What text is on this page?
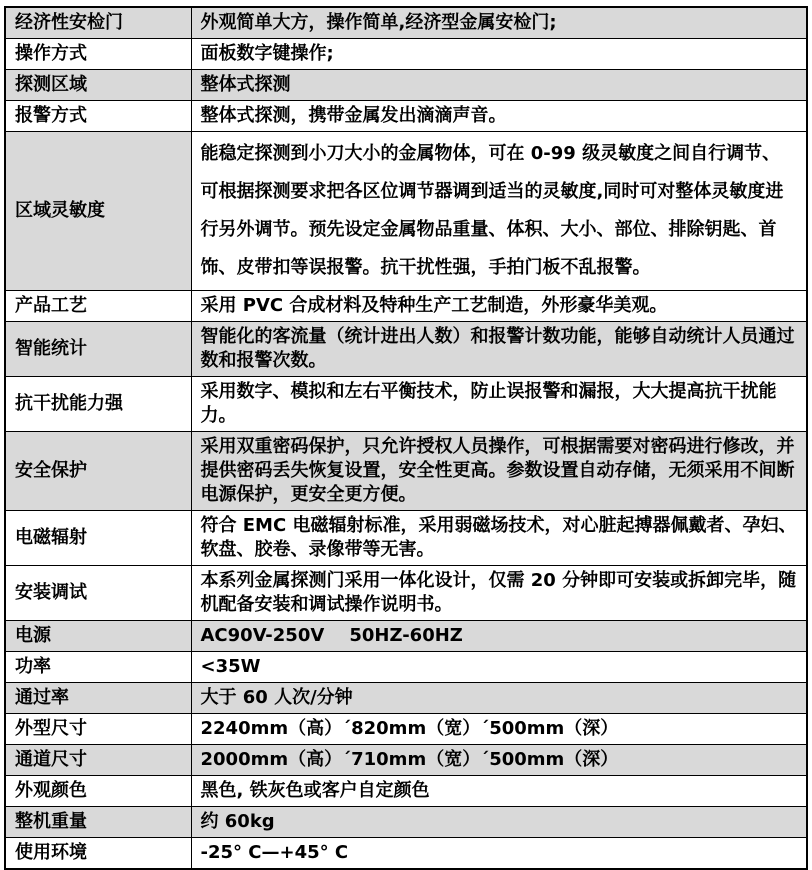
经济性安检门	外观简单大方，操作简单,经济型金属安检门;
操作方式	面板数字键操作;
探测区域	整体式探测
报警方式	整体式探测，携带金属发出滴滴声音。
区域灵敏度	能稳定探测到小刀大小的金属物体，可在 0-99 级灵敏度之间自行调节、可根据探测要求把各区位调节器调到适当的灵敏度,同时可对整体灵敏度进行另外调节。预先设定金属物品重量、体积、大小、部位、排除钥匙、首饰、皮带扣等误报警。抗干扰性强，手拍门板不乱报警。
产品工艺	采用 PVC 合成材料及特种生产工艺制造，外形豪华美观。
智能统计	智能化的客流量（统计进出人数）和报警计数功能，能够自动统计人员通过数和报警次数。
抗干扰能力强	采用数字、模拟和左右平衡技术，防止误报警和漏报，大大提高抗干扰能力。
安全保护	采用双重密码保护，只允许授权人员操作，可根据需要对密码进行修改，并提供密码丢失恢复设置，安全性更高。参数设置自动存储，无须采用不间断电源保护，更安全更方便。
电磁辐射	符合 EMC 电磁辐射标准，采用弱磁场技术，对心脏起搏器佩戴者、孕妇、软盘、胶卷、录像带等无害。
安装调试	本系列金属探测门采用一体化设计，仅需 20 分钟即可安装或拆卸完毕，随机配备安装和调试操作说明书。
电源	AC90V-250V    50HZ-60HZ
功率	<35W
通过率	大于 60 人次/分钟
外型尺寸	2240mm（高）´820mm（宽）´500mm（深）
通道尺寸	2000mm（高）´710mm（宽）´500mm（深）
外观颜色	黑色, 铁灰色或客户自定颜色
整机重量	约 60kg
使用环境	-25° C—+45° C
